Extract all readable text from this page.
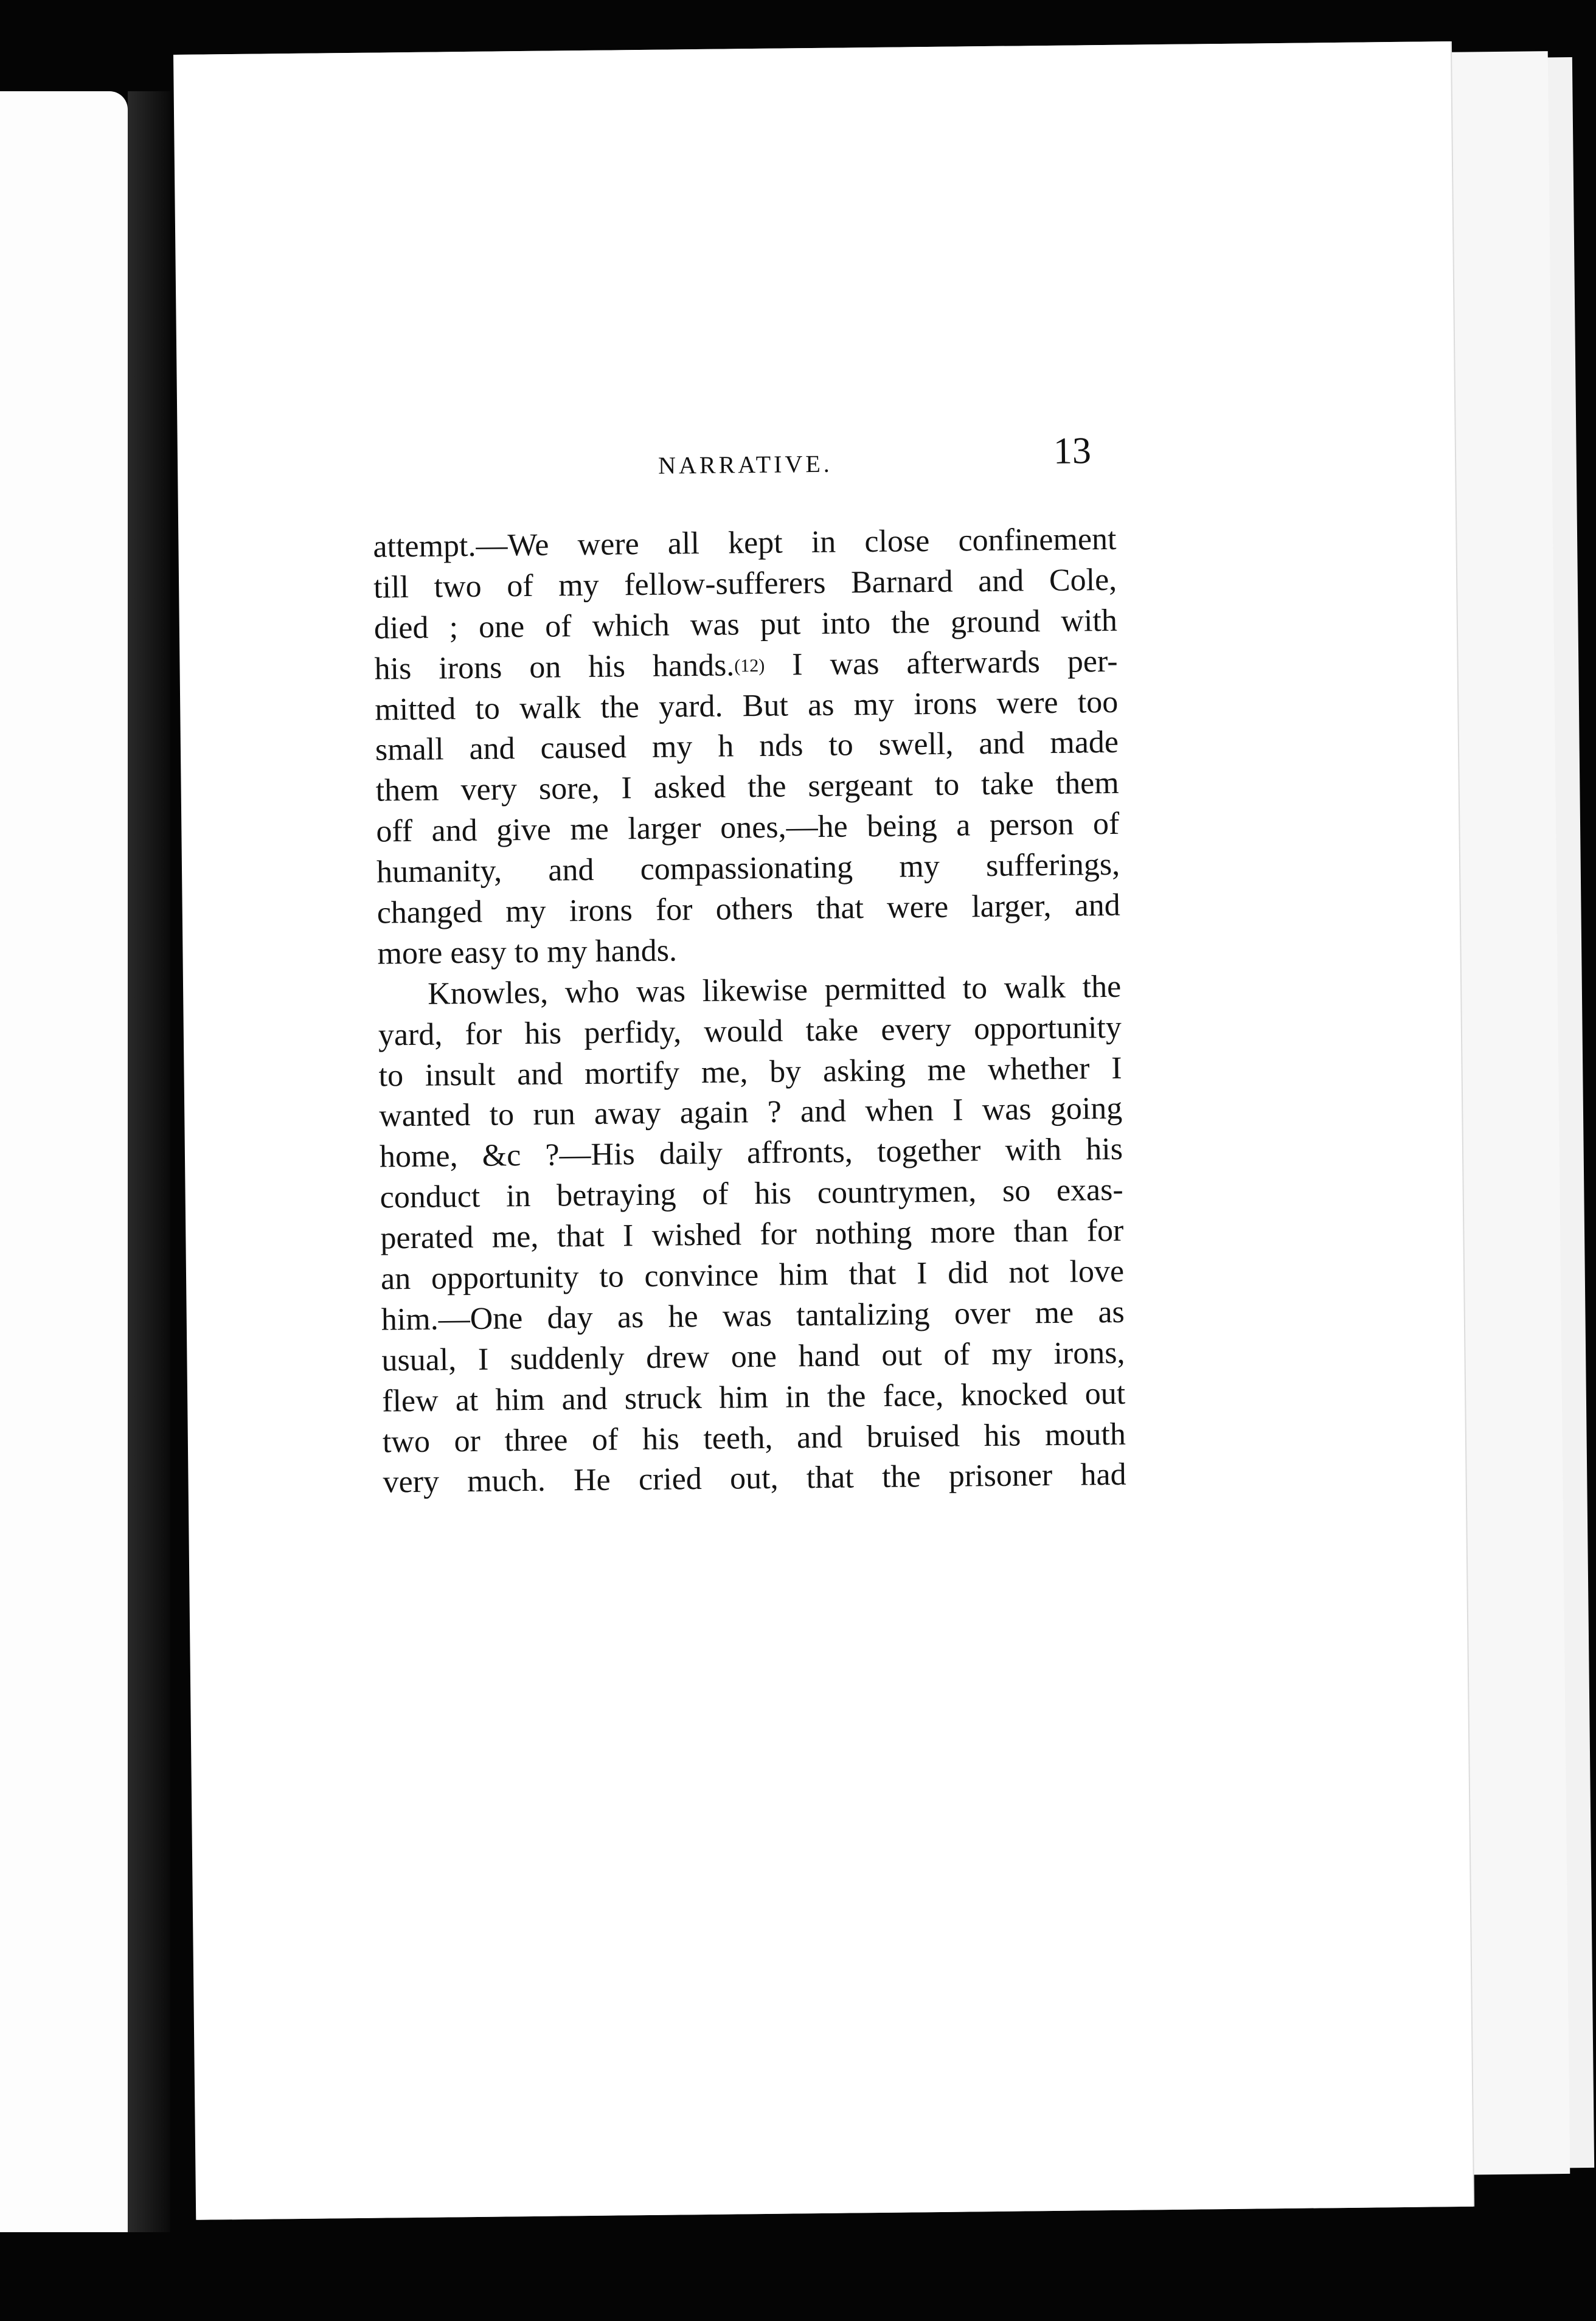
NARRATIVE.	13
attempt.—We were all kept in close confinement
till two of my fellow-sufferers Barnard and Cole,
died ; one of which was put into the ground with
his irons on his hands.(12) I was afterwards per-
mitted to walk the yard. But as my irons were too
small and caused my h nds to swell, and made
them very sore, I asked the sergeant to take them
off and give me larger ones,—he being a person of
humanity, and compassionating my sufferings,
changed my irons for others that were larger, and
more easy to my hands.
Knowles, who was likewise permitted to walk the
yard, for his perfidy, would take every opportunity
to insult and mortify me, by asking me whether I
wanted to run away again ? and when I was going
home, &c ?—His daily affronts, together with his
conduct in betraying of his countrymen, so exas-
perated me, that I wished for nothing more than for
an opportunity to convince him that I did not love
him.—One day as he was tantalizing over me as
usual, I suddenly drew one hand out of my irons,
flew at him and struck him in the face, knocked out
two or three of his teeth, and bruised his mouth
very much. He cried out, that the prisoner had
